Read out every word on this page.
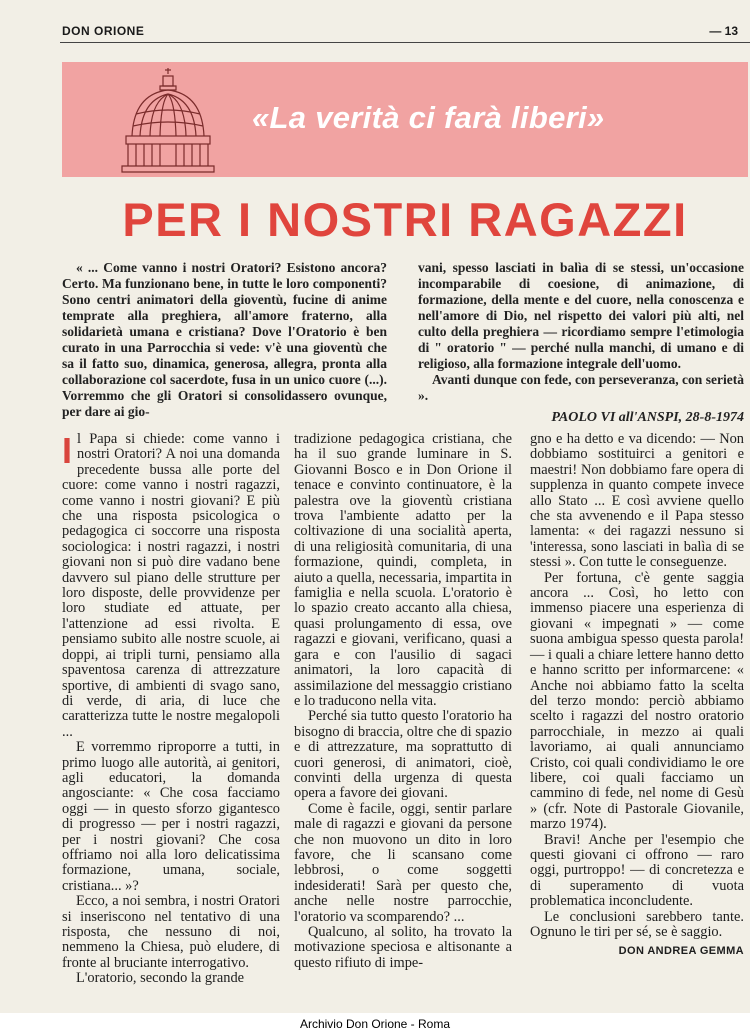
DON ORIONE	— 13
«La verità ci farà liberi»
PER I NOSTRI RAGAZZI

« ... Come vanno i nostri Oratori? Esistono ancora? Certo. Ma funzionano bene, in tutte le loro componenti? Sono centri animatori della gioventù, fucine di anime temprate alla preghiera, all'amore fraterno, alla solidarietà umana e cristiana? Dove l'Oratorio è ben curato in una Parrocchia si vede: v'è una gioventù che sa il fatto suo, dinamica, generosa, allegra, pronta alla collaborazione col sacerdote, fusa in un unico cuore (...). Vorremmo che gli Oratori si consolidassero ovunque, per dare ai gio-

vani, spesso lasciati in balìa di se stessi, un'occasione incomparabile di coesione, di animazione, di formazione, della mente e del cuore, nella conoscenza e nell'amore di Dio, nel rispetto dei valori più alti, nel culto della preghiera — ricordiamo sempre l'etimologia di " oratorio " — perché nulla manchi, di umano e di religioso, alla formazione integrale dell'uomo.

Avanti dunque con fede, con perseveranza, con serietà ».

PAOLO VI all'ANSPI, 28-8-1974

Il Papa si chiede: come vanno i nostri Oratori? A noi una domanda precedente bussa alle porte del cuore: come vanno i nostri ragazzi, come vanno i nostri giovani? E più che una risposta psicologica o pedagogica ci soccorre una risposta sociologica: i nostri ragazzi, i nostri giovani non si può dire vadano bene davvero sul piano delle strutture per loro disposte, delle provvidenze per loro studiate ed attuate, per l'attenzione ad essi rivolta. E pensiamo subito alle nostre scuole, ai doppi, ai tripli turni, pensiamo alla spaventosa carenza di attrezzature sportive, di ambienti di svago sano, di verde, di aria, di luce che caratterizza tutte le nostre megalopoli ...

E vorremmo riproporre a tutti, in primo luogo alle autorità, ai genitori, agli educatori, la domanda angosciante: « Che cosa facciamo oggi — in questo sforzo gigantesco di progresso — per i nostri ragazzi, per i nostri giovani? Che cosa offriamo noi alla loro delicatissima formazione, umana, sociale, cristiana... »?

Ecco, a noi sembra, i nostri Oratori si inseriscono nel tentativo di una risposta, che nessuno di noi, nemmeno la Chiesa, può eludere, di fronte al bruciante interrogativo.

L'oratorio, secondo la grande

tradizione pedagogica cristiana, che ha il suo grande luminare in S. Giovanni Bosco e in Don Orione il tenace e convinto continuatore, è la palestra ove la gioventù cristiana trova l'ambiente adatto per la coltivazione di una socialità aperta, di una religiosità comunitaria, di una formazione, quindi, completa, in aiuto a quella, necessaria, impartita in famiglia e nella scuola. L'oratorio è lo spazio creato accanto alla chiesa, quasi prolungamento di essa, ove ragazzi e giovani, verificano, quasi a gara e con l'ausilio di sagaci animatori, la loro capacità di assimilazione del messaggio cristiano e lo traducono nella vita.

Perché sia tutto questo l'oratorio ha bisogno di braccia, oltre che di spazio e di attrezzature, ma soprattutto di cuori generosi, di animatori, cioè, convinti della urgenza di questa opera a favore dei giovani.

Come è facile, oggi, sentir parlare male di ragazzi e giovani da persone che non muovono un dito in loro favore, che li scansano come lebbrosi, o come soggetti indesiderati! Sarà per questo che, anche nelle nostre parrocchie, l'oratorio va scomparendo? ...

Qualcuno, al solito, ha trovato la motivazione speciosa e altisonante a questo rifiuto di impe-

gno e ha detto e va dicendo: — Non dobbiamo sostituirci a genitori e maestri! Non dobbiamo fare opera di supplenza in quanto compete invece allo Stato ... E così avviene quello che sta avvenendo e il Papa stesso lamenta: « dei ragazzi nessuno si 'interessa, sono lasciati in balìa di se stessi ». Con tutte le conseguenze.

Per fortuna, c'è gente saggia ancora ... Così, ho letto con immenso piacere una esperienza di giovani « impegnati » — come suona ambigua spesso questa parola! — i quali a chiare lettere hanno detto e hanno scritto per informarcene: « Anche noi abbiamo fatto la scelta del terzo mondo: perciò abbiamo scelto i ragazzi del nostro oratorio parrocchiale, in mezzo ai quali lavoriamo, ai quali annunciamo Cristo, coi quali condividiamo le ore libere, coi quali facciamo un cammino di fede, nel nome di Gesù » (cfr. Note di Pastorale Giovanile, marzo 1974).

Bravi! Anche per l'esempio che questi giovani ci offrono — raro oggi, purtroppo! — di concretezza e di superamento di vuota problematica inconcludente.

Le conclusioni sarebbero tante. Ognuno le tiri per sé, se è saggio.

DON ANDREA GEMMA
Archivio Don Orione - Roma
